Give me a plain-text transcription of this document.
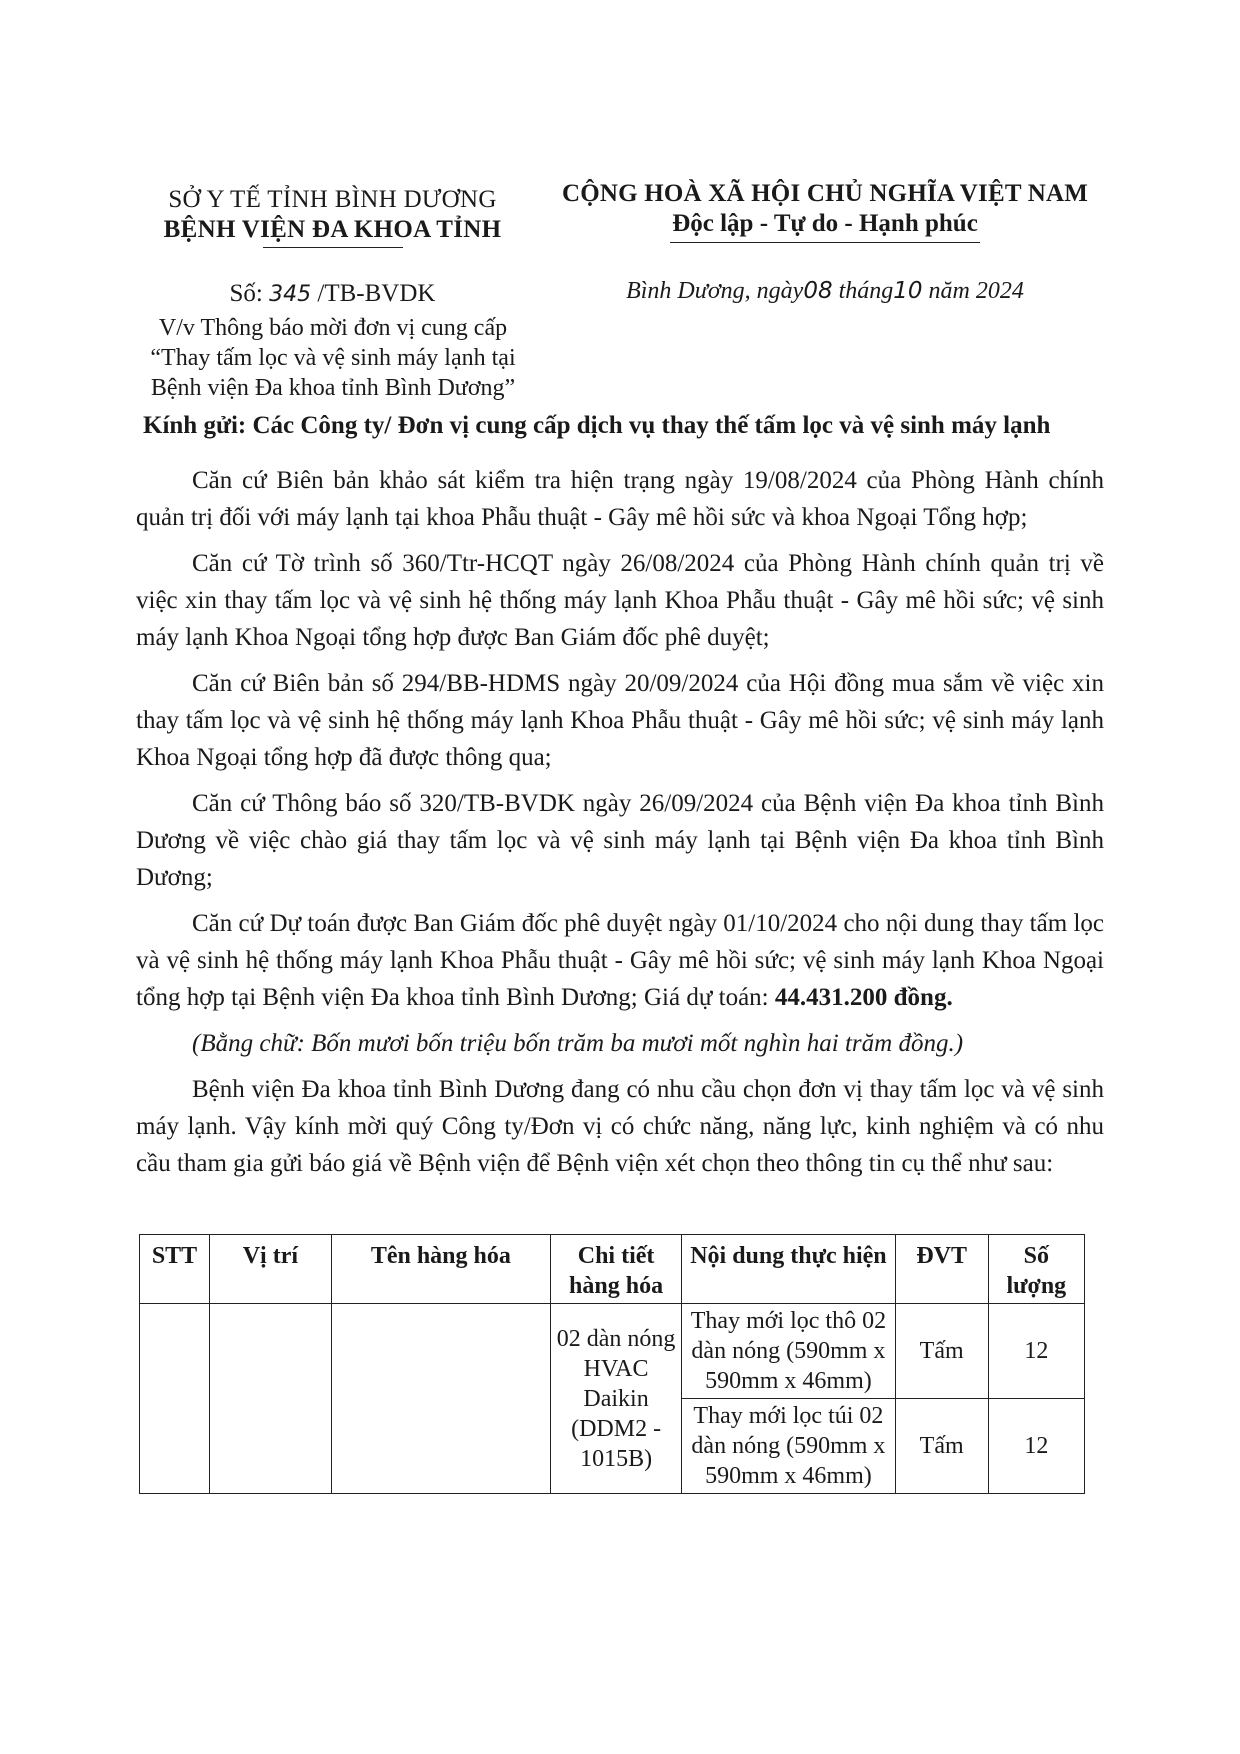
SỞ Y TẾ TỈNH BÌNH DƯƠNG
BỆNH VIỆN ĐA KHOA TỈNH
CỘNG HOÀ XÃ HỘI CHỦ NGHĨA VIỆT NAM
Độc lập - Tự do - Hạnh phúc
Số: 345 /TB-BVDK
V/v Thông báo mời đơn vị cung cấp
“Thay tấm lọc và vệ sinh máy lạnh tại
Bệnh viện Đa khoa tỉnh Bình Dương”
Bình Dương, ngày08 tháng10 năm 2024
Kính gửi: Các Công ty/ Đơn vị cung cấp dịch vụ thay thế tấm lọc và vệ sinh máy lạnh

Căn cứ Biên bản khảo sát kiểm tra hiện trạng ngày 19/08/2024 của Phòng Hành chính quản trị đối với máy lạnh tại khoa Phẫu thuật - Gây mê hồi sức và khoa Ngoại Tổng hợp;

Căn cứ Tờ trình số 360/Ttr-HCQT ngày 26/08/2024 của Phòng Hành chính quản trị về việc xin thay tấm lọc và vệ sinh hệ thống máy lạnh Khoa Phẫu thuật - Gây mê hồi sức; vệ sinh máy lạnh Khoa Ngoại tổng hợp được Ban Giám đốc phê duyệt;

Căn cứ Biên bản số 294/BB-HDMS ngày 20/09/2024 của Hội đồng mua sắm về việc xin thay tấm lọc và vệ sinh hệ thống máy lạnh Khoa Phẫu thuật - Gây mê hồi sức; vệ sinh máy lạnh Khoa Ngoại tổng hợp đã được thông qua;

Căn cứ Thông báo số 320/TB-BVDK ngày 26/09/2024 của Bệnh viện Đa khoa tỉnh Bình Dương về việc chào giá thay tấm lọc và vệ sinh máy lạnh tại Bệnh viện Đa khoa tỉnh Bình Dương;

Căn cứ Dự toán được Ban Giám đốc phê duyệt ngày 01/10/2024 cho nội dung thay tấm lọc và vệ sinh hệ thống máy lạnh Khoa Phẫu thuật - Gây mê hồi sức; vệ sinh máy lạnh Khoa Ngoại tổng hợp tại Bệnh viện Đa khoa tỉnh Bình Dương; Giá dự toán: 44.431.200 đồng.

(Bằng chữ: Bốn mươi bốn triệu bốn trăm ba mươi mốt nghìn hai trăm đồng.)

Bệnh viện Đa khoa tỉnh Bình Dương đang có nhu cầu chọn đơn vị thay tấm lọc và vệ sinh máy lạnh. Vậy kính mời quý Công ty/Đơn vị có chức năng, năng lực, kinh nghiệm và có nhu cầu tham gia gửi báo giá về Bệnh viện để Bệnh viện xét chọn theo thông tin cụ thể như sau:

STT	Vị trí	Tên hàng hóa	Chi tiết hàng hóa	Nội dung thực hiện	ĐVT	Số lượng
			02 dàn nóng HVAC Daikin (DDM2 - 1015B)	Thay mới lọc thô 02 dàn nóng (590mm x 590mm x 46mm)	Tấm	12
				Thay mới lọc túi 02 dàn nóng (590mm x 590mm x 46mm)	Tấm	12
